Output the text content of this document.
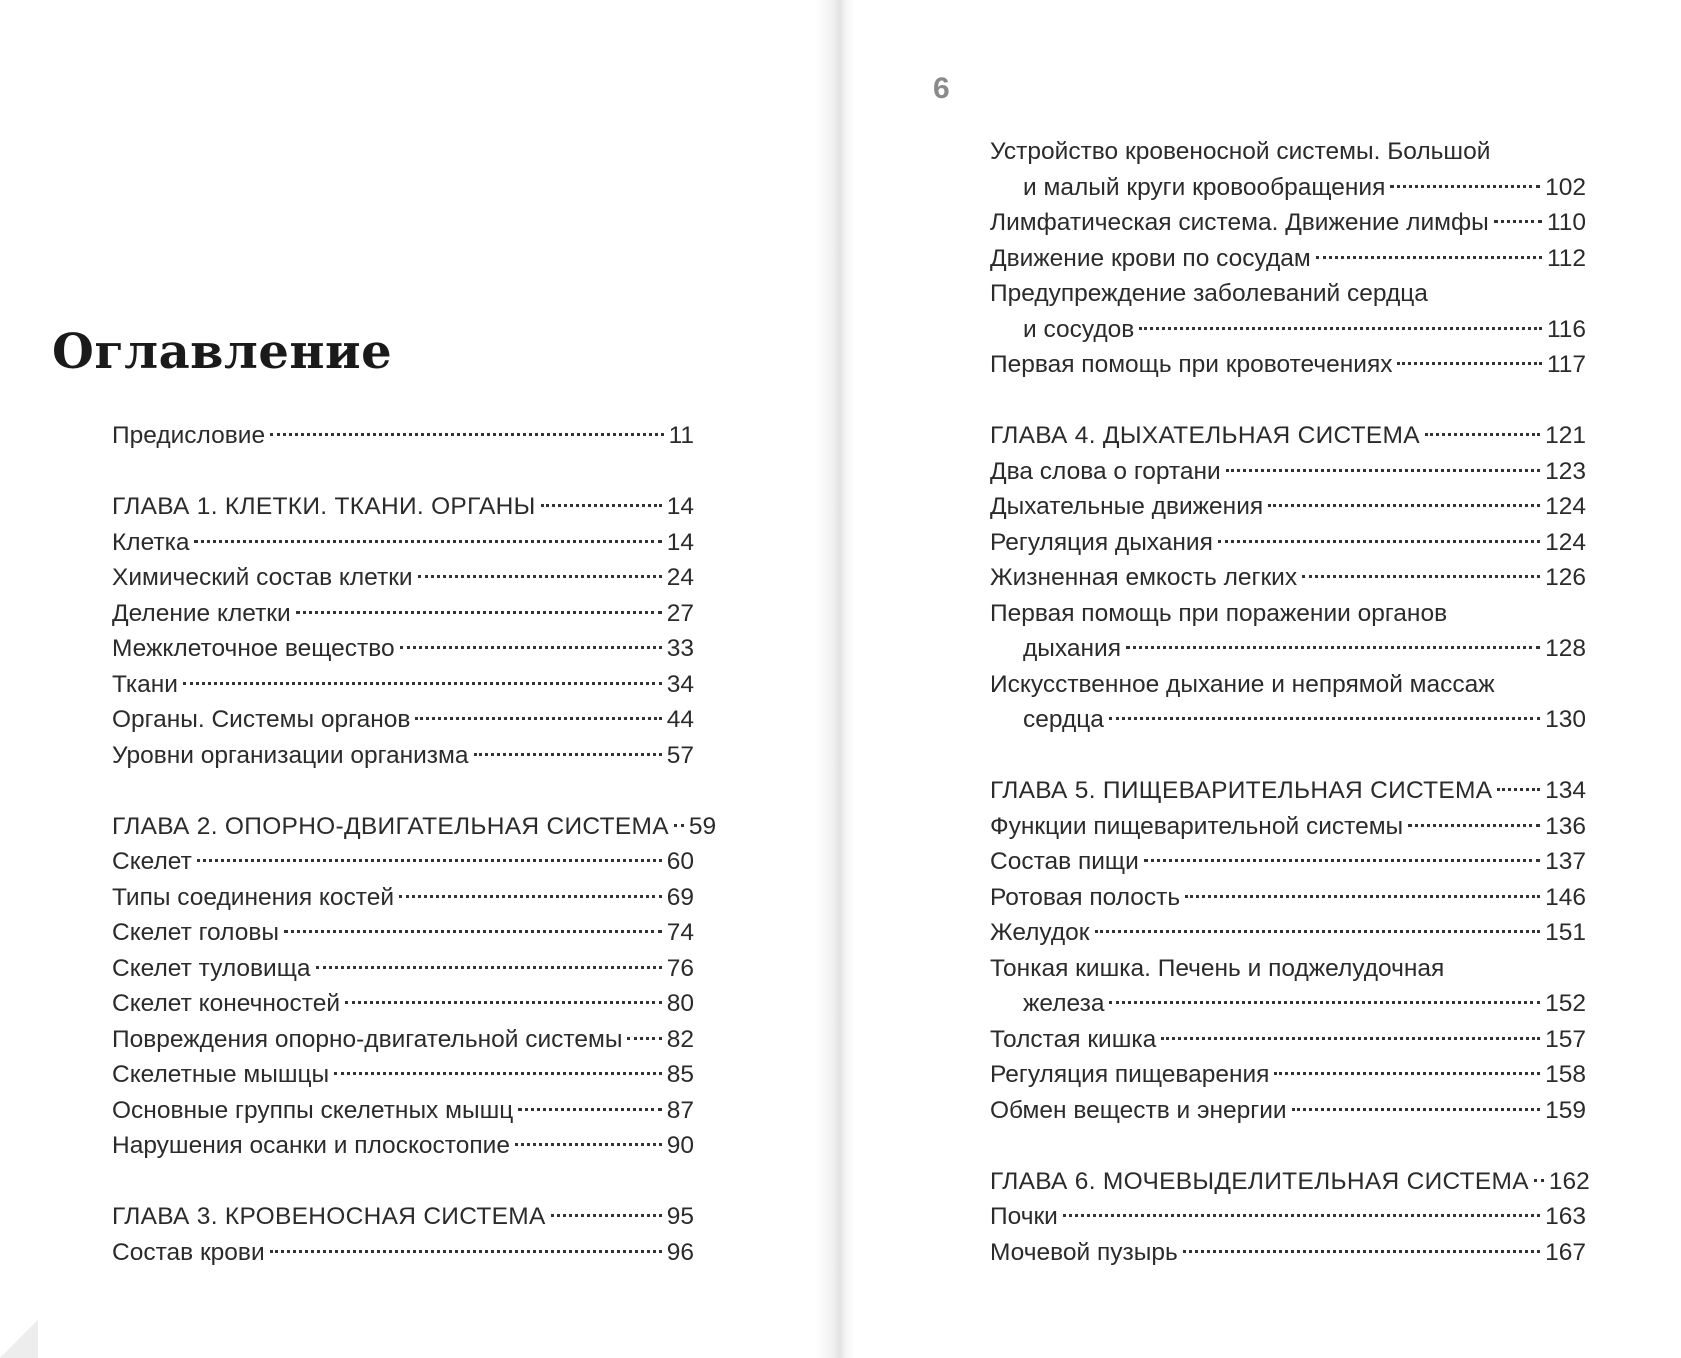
Оглавление
Предисловие	11
ГЛАВА 1. КЛЕТКИ. ТКАНИ. ОРГАНЫ	14
Клетка	14
Химический состав клетки	24
Деление клетки	27
Межклеточное вещество	33
Ткани	34
Органы. Системы органов	44
Уровни организации организма	57
ГЛАВА 2. ОПОРНО-ДВИГАТЕЛЬНАЯ СИСТЕМА 59
Скелет	60
Типы соединения костей	69
Скелет головы	74
Скелет туловища	76
Скелет конечностей	80
Повреждения опорно-двигательной системы 82
Скелетные мышцы	85
Основные группы скелетных мышц	87
Нарушения осанки и плоскостопие	90
ГЛАВА 3. КРОВЕНОСНАЯ СИСТЕМА	95
Состав крови	96
6
Устройство кровеносной системы. Большой
и малый круги кровообращения	102
Лимфатическая система. Движение лимфы 110
Движение крови по сосудам	112
Предупреждение заболеваний сердца
и сосудов	116
Первая помощь при кровотечениях	117
ГЛАВА 4. ДЫХАТЕЛЬНАЯ СИСТЕМА	121
Два слова о гортани	123
Дыхательные движения	124
Регуляция дыхания	124
Жизненная емкость легких	126
Первая помощь при поражении органов
дыхания	128
Искусственное дыхание и непрямой массаж
сердца	130
ГЛАВА 5. ПИЩЕВАРИТЕЛЬНАЯ СИСТЕМА 134
Функции пищеварительной системы	136
Состав пищи	137
Ротовая полость	146
Желудок	151
Тонкая кишка. Печень и поджелудочная
железа	152
Толстая кишка	157
Регуляция пищеварения	158
Обмен веществ и энергии	159
ГЛАВА 6. МОЧЕВЫДЕЛИТЕЛЬНАЯ СИСТЕМА 162
Почки	163
Мочевой пузырь	167
